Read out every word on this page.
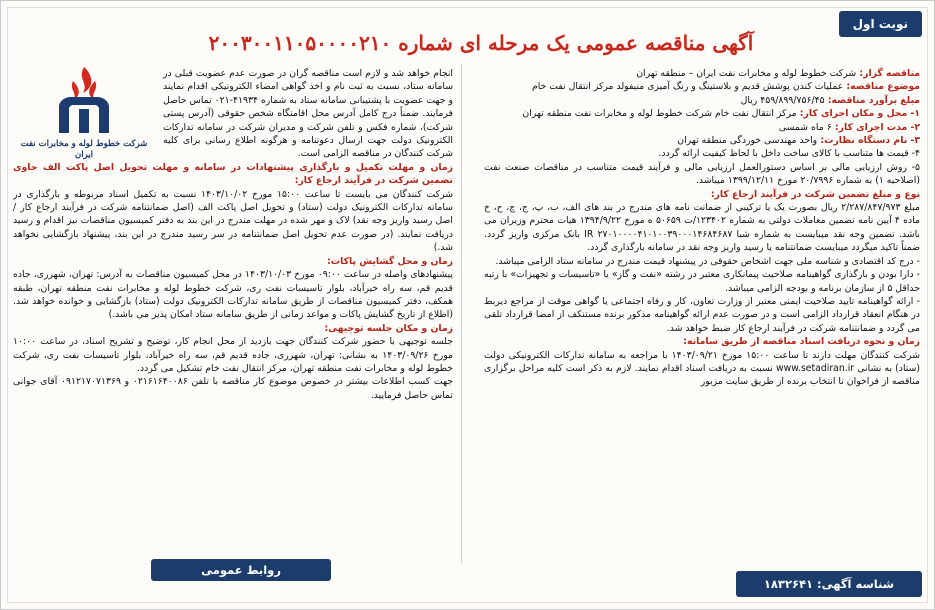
نوبت اول
آگهی مناقصه عمومی یک مرحله ای شماره ۲۰۰۳۰۰۱۱۰۵۰۰۰۰۲۱۰

مناقصه گزار: شرکت خطوط لوله و مخابرات نفت ایران – منطقه تهران

موضوع مناقصه: عملیات کندن پوشش قدیم و بلاستینگ و رنگ آمیزی منیفولد مرکز انتقال نفت خام

مبلغ برآورد مناقصه: ۴۵۹/۸۹۹/۷۵۶/۴۵ ریال

۱- محل و مکان اجرای کار: مرکز انتقال نفت خام شرکت خطوط لوله و مخابرات نفت منطقه تهران

۲- مدت اجرای کار: ۶ ماه شمسی

۳- نام دستگاه نظارت: واحد مهندسی خوردگی منطقه تهران

۴- قیمت ها متناسب با کالای ساخت داخل با لحاظ کیفیت ارائه گردد.

۵- روش ارزیابی مالی بر اساس دستورالعمل ارزیابی مالی و فرآیند قیمت متناسب در مناقصات صنعت نفت (اصلاحیه ۱) به شماره ۲۰/۷۹۹۶ مورخ ۱۳۹۹/۱۲/۱۱ میباشد.

نوع و مبلغ تضمین شرکت در فرآیند ارجاع کار:

مبلغ ۲/۲۸۷/۸۴۷/۹۷۳ ریال بصورت یک یا ترکیبی از ضمانت نامه های مندرج در بند های الف، ب، پ، ج، چ، ح، خ ماده ۴ آیین نامه تضمین معاملات دولتی به شماره ۱۲۳۴۰۲/ت ۵۰۶۵۹ ه مورخ ۱۳۹۴/۹/۲۲ هیات محترم وزیران می باشد. تضمین وجه نقد میبایست به شماره شبا IR ۲۷۰۱۰۰۰۰۴۱۰۱۰۰۳۹۰۰۰۱۴۶۸۴۶۸۷ بانک مرکزی واریز گردد. ضمناً تاکید میگردد میبایست ضمانتنامه یا رسید واریز وجه نقد در سامانه بارگذاری گردد.

- درج کد اقتصادی و شناسه ملی جهت اشخاص حقوقی در پیشنهاد قیمت مندرج در سامانه ستاد الزامی میباشد.

- دارا بودن و بارگذاری گواهینامه صلاحیت پیمانکاری معتبر در رشته «نفت و گاز» یا «تاسیسات و تجهیزات» با رتبه حداقل ۵ از سازمان برنامه و بودجه الزامی میباشد.

- ارائه گواهینامه تایید صلاحیت ایمنی معتبر از وزارت تعاون، کار و رفاه اجتماعی یا گواهی موقت از مراجع ذیربط در هنگام انعقاد قرارداد الزامی است و در صورت عدم ارائه گواهینامه مذکور برنده مستنکف از امضا قرارداد تلقی می گردد و ضمانتنامه شرکت در فرآیند ارجاع کار ضبط خواهد شد.

زمان و نحوه دریافت اسناد مناقصه از طریق سامانه:

شرکت کنندگان مهلت دارند تا ساعت ۱۵:۰۰ مورخ ۱۴۰۳/۰۹/۲۱ با مراجعه به سامانه تدارکات الکترونیکی دولت (ستاد) به نشانی www.setadiran.ir نسبت به دریافت اسناد اقدام نمایند. لازم به ذکر است کلیه مراحل برگزاری مناقصه از فراخوان تا انتخاب برنده از طریق سایت مزبور

شرکت خطوط لوله و مخابرات نفت ایران

انجام خواهد شد و لازم است مناقصه گران در صورت عدم عضویت قبلی در سامانه ستاد، نسبت به ثبت نام و اخذ گواهی امضاء الکترونیکی اقدام نمایند و جهت عضویت با پشتیبانی سامانه ستاد به شماره ۴۱۹۳۴-۰۲۱ تماس حاصل فرمایند. ضمناً درج کامل آدرس محل اقامتگاه شخص حقوقی (آدرس پستی شرکت)، شماره فکس و تلفن شرکت و مدیران شرکت در سامانه تدارکات الکترونیک دولت جهت ارسال دعوتنامه و هرگونه اطلاع رسانی برای کلیه شرکت کنندگان در مناقصه الزامی است.

زمان و مهلت تکمیل و بارگذاری پیشنهادات در سامانه و مهلت تحویل اصل پاکت الف حاوی تضمین شرکت در فرآیند ارجاع کار:

شرکت کنندگان می بایست تا ساعت ۱۵:۰۰ مورخ ۱۴۰۳/۱۰/۰۲ نسبت به تکمیل اسناد مربوطه و بارگذاری در سامانه تدارکات الکترونیک دولت (ستاد) و تحویل اصل پاکت الف (اصل ضمانتنامه شرکت در فرآیند ارجاع کار / اصل رسید واریز وجه نقد) لاک و مهر شده در مهلت مندرج در این بند به دفتر کمیسیون مناقصات نیز اقدام و رسید دریافت نمایند. (در صورت عدم تحویل اصل ضمانتنامه در سر رسید مندرج در این بند، پیشنهاد بازگشایی نخواهد شد.)

زمان و محل گشایش پاکات:

پیشنهادهای واصله در ساعت ۰۹:۰۰ مورخ ۱۴۰۳/۱۰/۰۳ در محل کمیسیون مناقصات به آدرس: تهران، شهرری، جاده قدیم قم، سه راه خیرآباد، بلوار تاسیسات نفت ری، شرکت خطوط لوله و مخابرات نفت منطقه تهران، طبقه همکف، دفتر کمیسیون مناقصات از طریق سامانه تدارکات الکترونیک دولت (ستاد) بازگشایی و خوانده خواهد شد. (اطلاع از تاریخ گشایش پاکات و مواعد زمانی از طریق سامانه ستاد امکان پذیر می باشد.)

زمان و مکان جلسه توجیهی:

جلسه توجیهی با حضور شرکت کنندگان جهت بازدید از محل انجام کار، توضیح و تشریح اسناد، در ساعت ۱۰:۰۰ مورخ ۱۴۰۳/۰۹/۲۶ به نشانی: تهران، شهرری، جاده قدیم قم، سه راه خیرآباد، بلوار تاسیسات نفت ری، شرکت خطوط لوله و مخابرات نفت منطقه تهران، مرکز انتقال نفت خام تشکیل می گردد.

جهت کسب اطلاعات بیشتر در خصوص موضوع کار مناقصه با تلفن ۰۲۱۶۱۶۴۰۰۸۶ و ۰۹۱۲۱۷۰۷۱۳۶۹ آقای جوانی تماس حاصل فرمایید.

روابط عمومی
شناسه آگهی: ۱۸۳۲۶۴۱
